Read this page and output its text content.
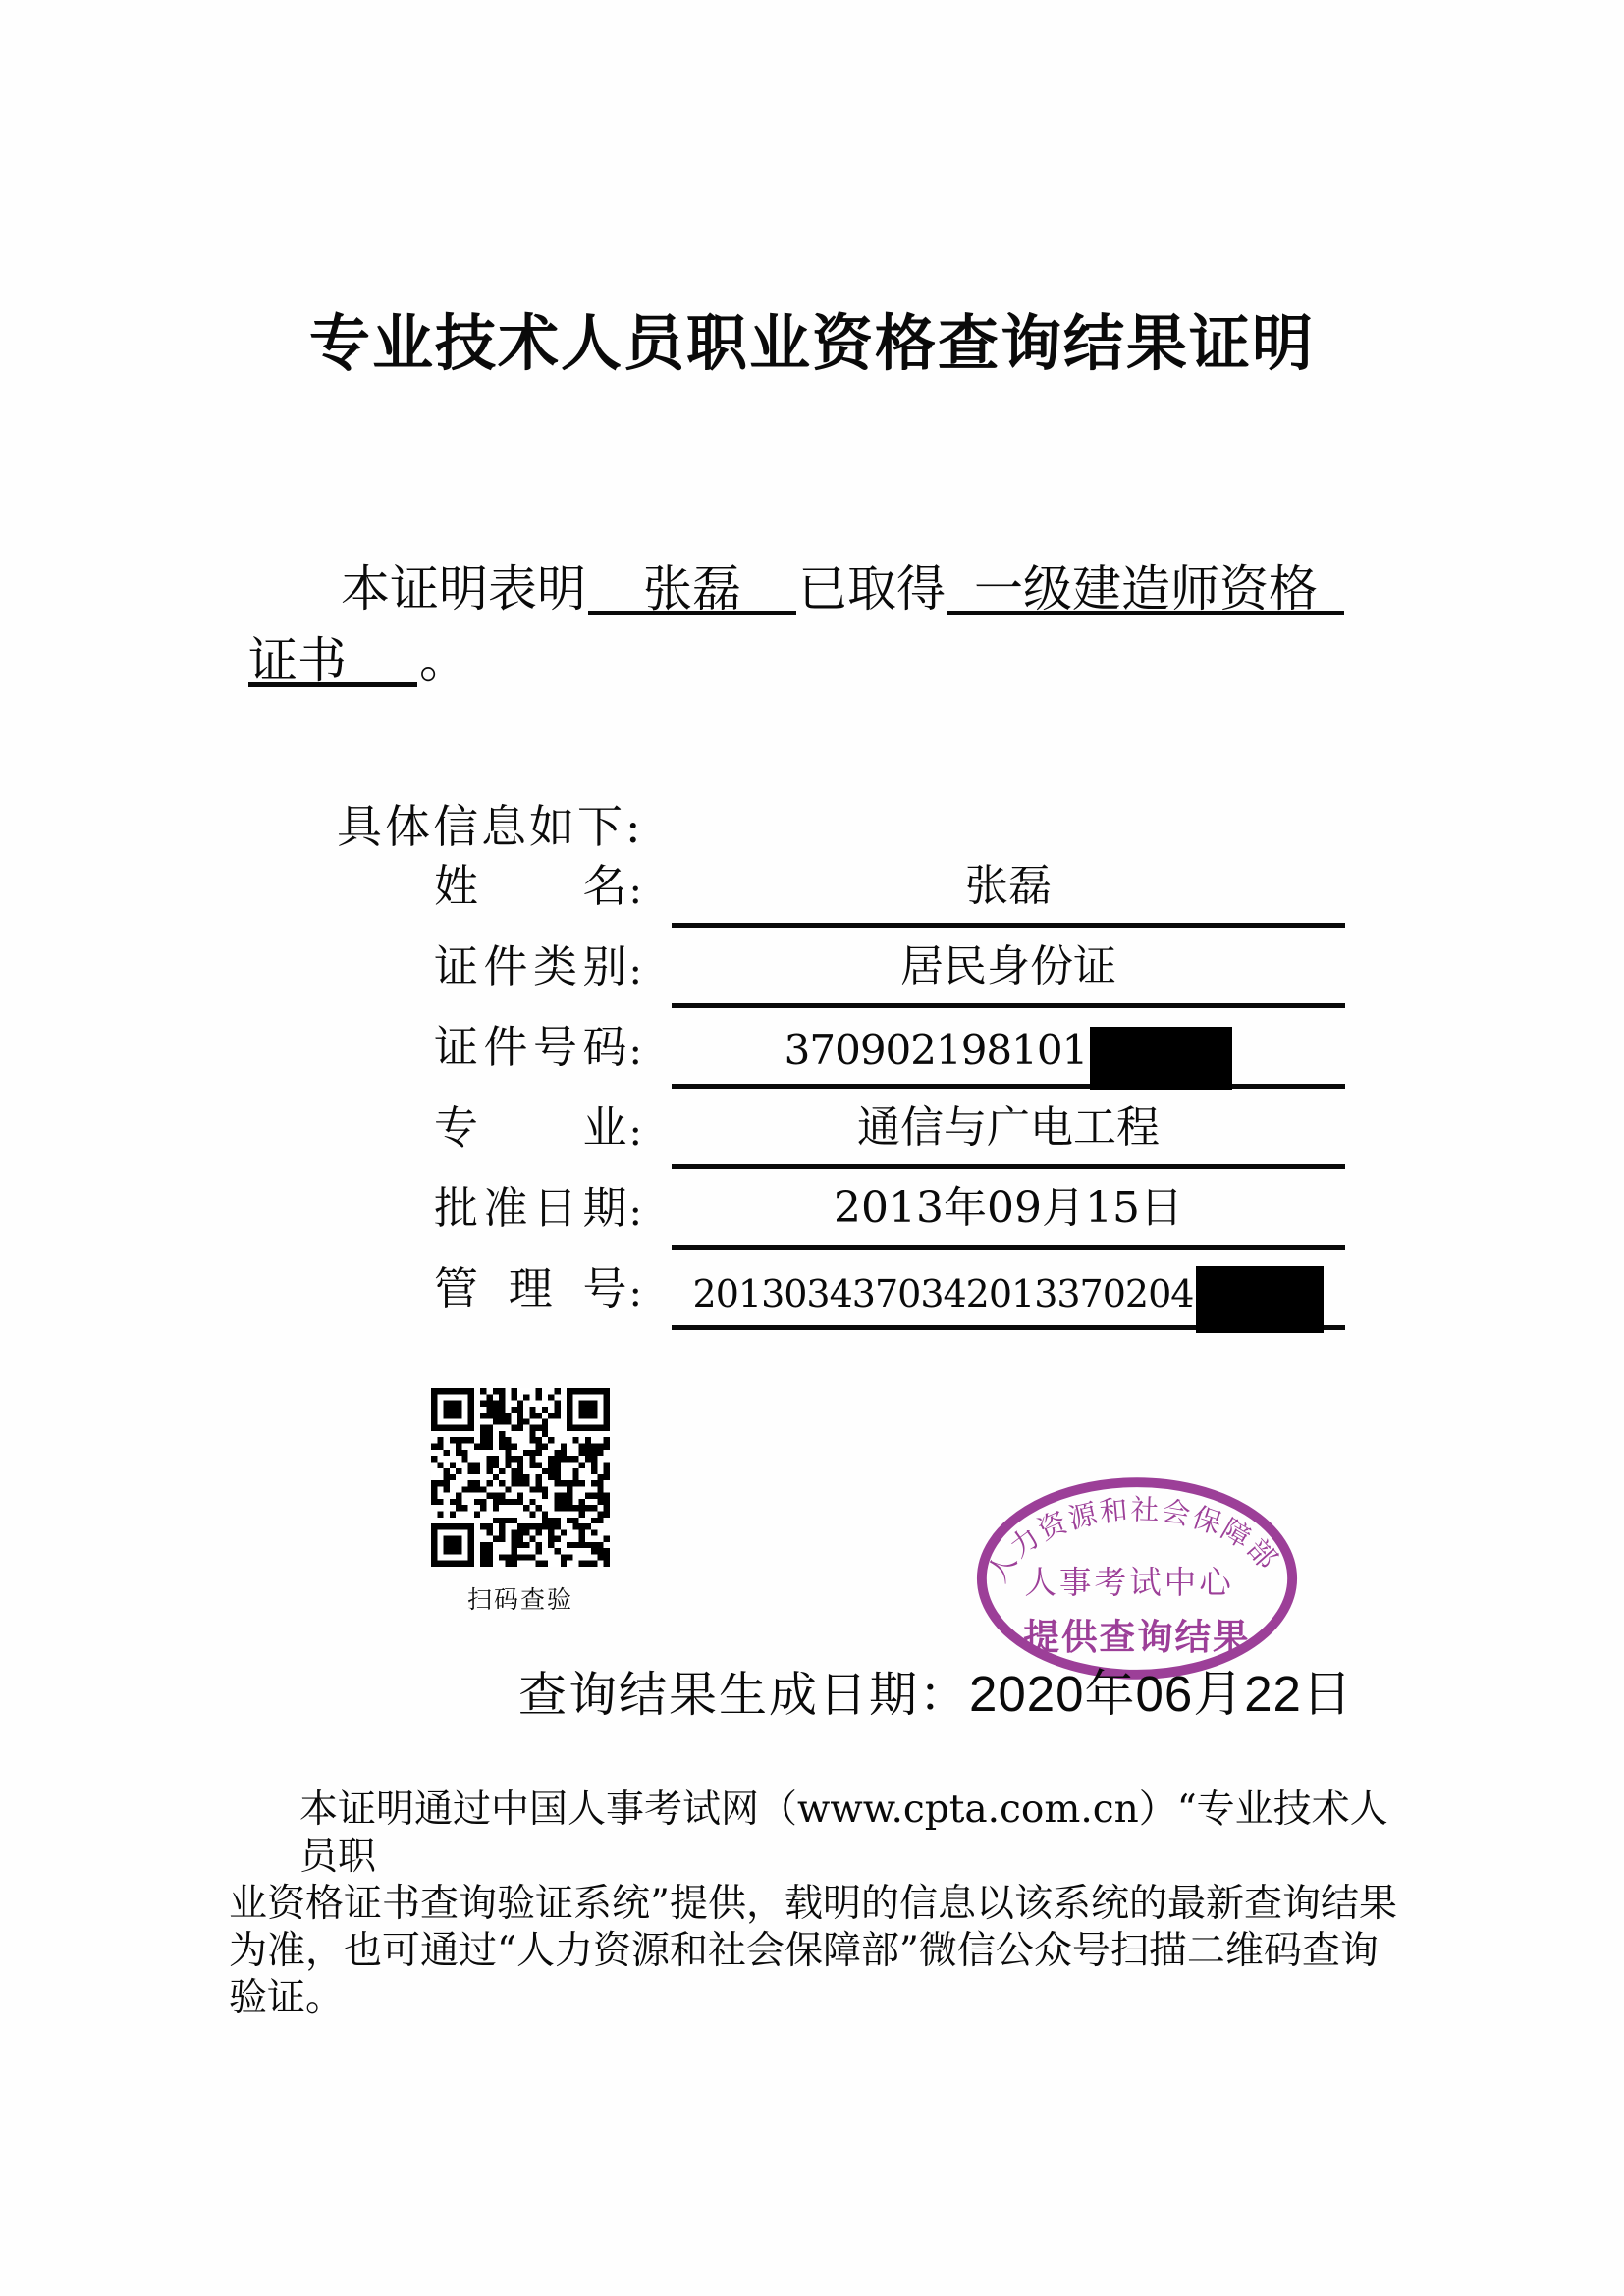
专业技术人员职业资格查询结果证明
本证明表明 张磊 已取得 一级建造师资格
证书 。
具体信息如下:
姓 名 :	张磊
证 件 类 别 :	居民身份证
证 件 号 码 :	370902198101
专 业 :	通信与广电工程
批 准 日 期 :	2013年09月15日
管 理 号 : 2013034370342013370204
扫码查验
人力资源和社会保障部
人事考试中心
提供查询结果
查询结果生成日期：2020年06月22日
本证明通过中国人事考试网（www.cpta.com.cn）“专业技术人员职
业资格证书查询验证系统”提供，载明的信息以该系统的最新查询结果
为准，也可通过“人力资源和社会保障部”微信公众号扫描二维码查询
验证。
